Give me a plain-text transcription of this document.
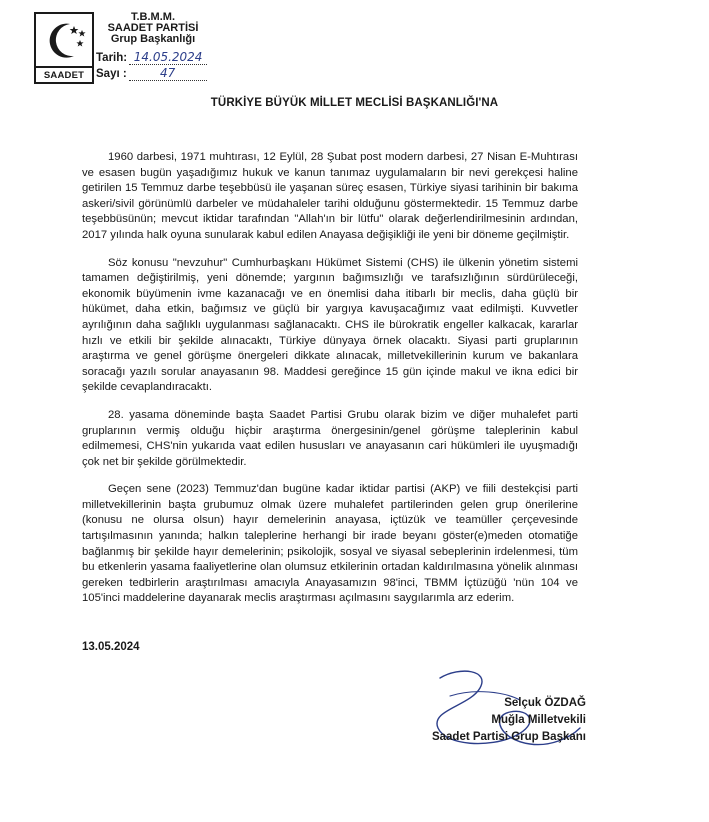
SAADET
T.B.M.M.
SAADET PARTİSİ
Grup Başkanlığı
Tarih: 14.05.2024
Sayı :	47
TÜRKİYE BÜYÜK MİLLET MECLİSİ BAŞKANLIĞI'NA

1960 darbesi, 1971 muhtırası, 12 Eylül, 28 Şubat post modern darbesi, 27 Nisan E-Muhtırası ve esasen bugün yaşadığımız hukuk ve kanun tanımaz uygulamaların bir nevi gerekçesi haline getirilen 15 Temmuz darbe teşebbüsü ile yaşanan süreç esasen, Türkiye siyasi tarihinin bir bakıma askeri/sivil görünümlü darbeler ve müdahaleler tarihi olduğunu göstermektedir. 15 Temmuz darbe teşebbüsünün; mevcut iktidar tarafından "Allah'ın bir lütfu" olarak değerlendirilmesinin ardından, 2017 yılında halk oyuna sunularak kabul edilen Anayasa değişikliği ile yeni bir döneme geçilmiştir.

Söz konusu "nevzuhur" Cumhurbaşkanı Hükümet Sistemi (CHS) ile ülkenin yönetim sistemi tamamen değiştirilmiş, yeni dönemde; yargının bağımsızlığı ve tarafsızlığının sürdürüleceği, ekonomik büyümenin ivme kazanacağı ve en önemlisi daha itibarlı bir meclis, daha güçlü bir hükümet, daha etkin, bağımsız ve güçlü bir yargıya kavuşacağımız vaat edilmişti. Kuvvetler ayrılığının daha sağlıklı uygulanması sağlanacaktı. CHS ile bürokratik engeller kalkacak, kararlar hızlı ve etkili bir şekilde alınacaktı, Türkiye dünyaya örnek olacaktı. Siyasi parti gruplarının araştırma ve genel görüşme önergeleri dikkate alınacak, milletvekillerinin kurum ve bakanlara soracağı yazılı sorular anayasanın 98. Maddesi gereğince 15 gün içinde makul ve ikna edici bir şekilde cevaplandıracaktı.

28. yasama döneminde başta Saadet Partisi Grubu olarak bizim ve diğer muhalefet parti gruplarının vermiş olduğu hiçbir araştırma önergesinin/genel görüşme taleplerinin kabul edilmemesi, CHS'nin yukarıda vaat edilen hususları ve anayasanın cari hükümleri ile uyuşmadığı çok net bir şekilde görülmektedir.

Geçen sene (2023) Temmuz'dan bugüne kadar iktidar partisi (AKP) ve fiili destekçisi parti milletvekillerinin başta grubumuz olmak üzere muhalefet partilerinden gelen grup önerilerine (konusu ne olursa olsun) hayır demelerinin anayasa, içtüzük ve teamüller çerçevesinde tartışılmasının yanında; halkın taleplerine herhangi bir irade beyanı göster(e)meden otomatiğe bağlanmış bir şekilde hayır demelerinin; psikolojik, sosyal ve siyasal sebeplerinin irdelenmesi, tüm bu etkenlerin yasama faaliyetlerine olan olumsuz etkilerinin ortadan kaldırılmasına yönelik alınması gereken tedbirlerin araştırılması amacıyla Anayasamızın 98'inci, TBMM İçtüzüğü 'nün 104 ve 105'inci maddelerine dayanarak meclis araştırması açılmasını saygılarımla arz ederim.

13.05.2024
Selçuk ÖZDAĞ
Muğla Milletvekili
Saadet Partisi Grup Başkanı
